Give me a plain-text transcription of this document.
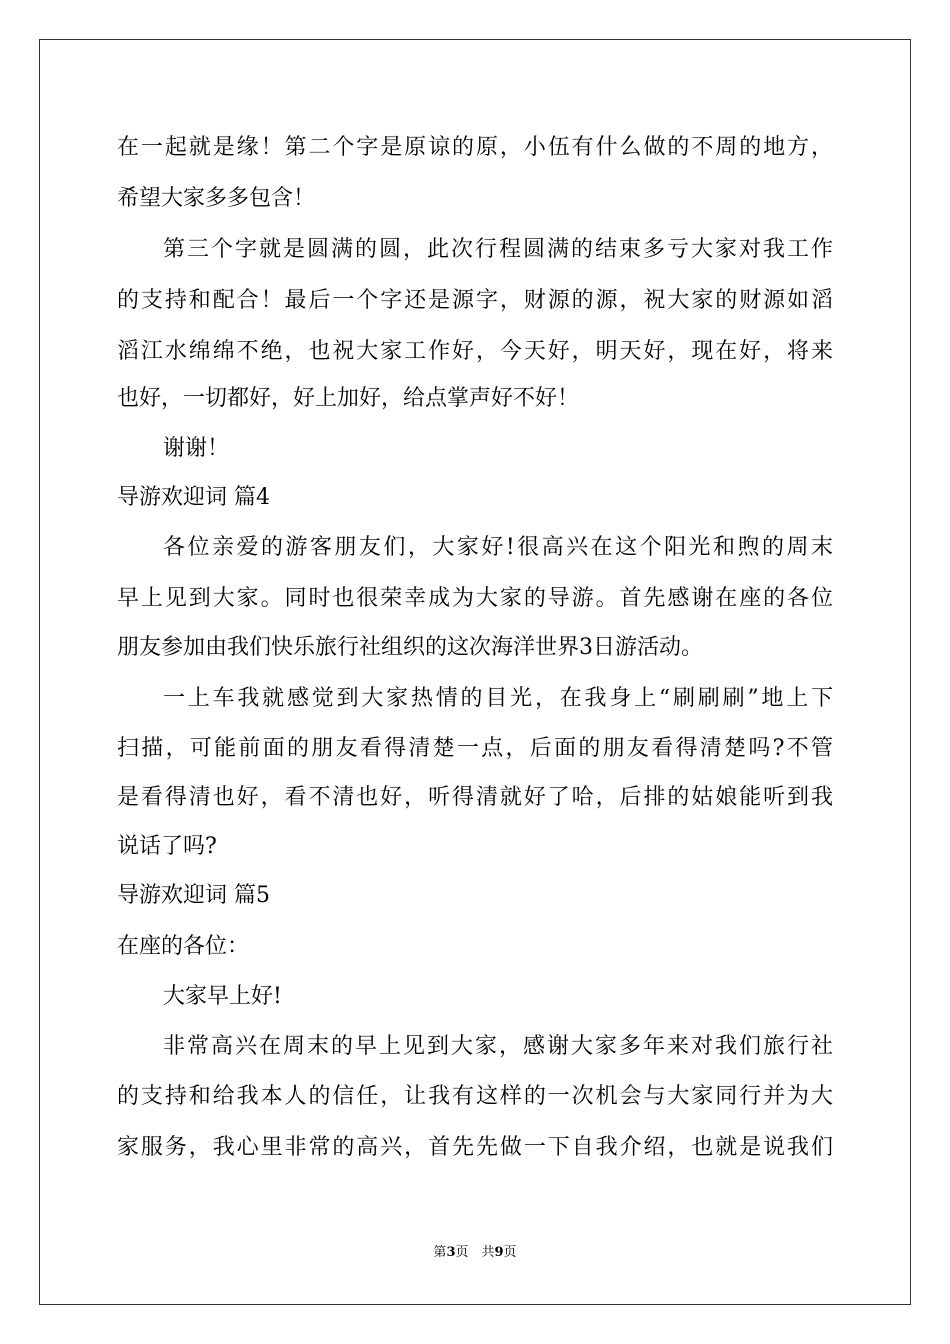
在一起就是缘！第二个字是原谅的原，小伍有什么做的不周的地方，
希望大家多多包含！
第三个字就是圆满的圆，此次行程圆满的结束多亏大家对我工作
的支持和配合！最后一个字还是源字，财源的源，祝大家的财源如滔
滔江水绵绵不绝，也祝大家工作好，今天好，明天好，现在好，将来
也好，一切都好，好上加好，给点掌声好不好！
谢谢！
导游欢迎词 篇4
各位亲爱的游客朋友们，大家好!很高兴在这个阳光和煦的周末
早上见到大家。同时也很荣幸成为大家的导游。首先感谢在座的各位
朋友参加由我们快乐旅行社组织的这次海洋世界3日游活动。
一上车我就感觉到大家热情的目光，在我身上“刷刷刷”地上下
扫描，可能前面的朋友看得清楚一点，后面的朋友看得清楚吗?不管
是看得清也好，看不清也好，听得清就好了哈，后排的姑娘能听到我
说话了吗?
导游欢迎词 篇5
在座的各位：
大家早上好!
非常高兴在周末的早上见到大家，感谢大家多年来对我们旅行社
的支持和给我本人的信任，让我有这样的一次机会与大家同行并为大
家服务，我心里非常的高兴，首先先做一下自我介绍，也就是说我们
第3页　共9页
